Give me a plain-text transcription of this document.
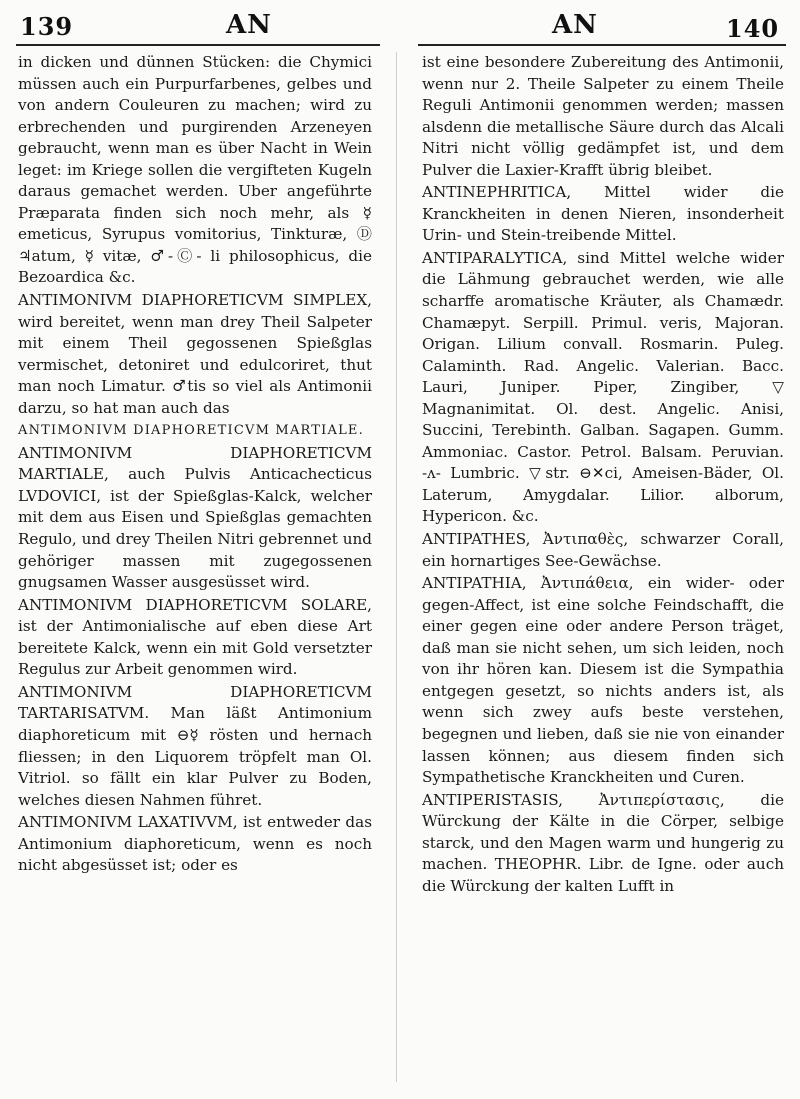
139	AN	AN	140

in dicken und dünnen Stücken: die Chymici müssen auch ein Purpurfarbenes, gelbes und von andern Couleuren zu machen; wird zu erbrechenden und purgirenden Arzeneyen gebraucht, wenn man es über Nacht in Wein leget: im Kriege sollen die vergifteten Kugeln daraus gemachet werden. Uber angeführte Præparata finden sich noch mehr, als ☿ emeticus, Syrupus vomitorius, Tinkturæ, Ⓓ ♃atum, ☿ vitæ, ♂-Ⓒ- li philosophicus, die Bezoardica &c.

ANTIMONIVM DIAPHORETICVM SIMPLEX, wird bereitet, wenn man drey Theil Salpeter mit einem Theil gegossenen Spießglas vermischet, detoniret und edulcoriret, thut man noch Limatur. ♂tis so viel als Antimonii darzu, so hat man auch das

ANTIMONIVM DIAPHORETICVM MARTIALE.

ANTIMONIVM DIAPHORETICVM MARTIALE, auch Pulvis Anticachecticus LVDOVICI, ist der Spießglas-Kalck, welcher mit dem aus Eisen und Spießglas gemachten Regulo, und drey Theilen Nitri gebrennet und gehöriger massen mit zugegossenen gnugsamen Wasser ausgesüsset wird.

ANTIMONIVM DIAPHORETICVM SOLARE, ist der Antimonialische auf eben diese Art bereitete Kalck, wenn ein mit Gold versetzter Regulus zur Arbeit genommen wird.

ANTIMONIVM DIAPHORETICVM TARTARISATVM. Man läßt Antimonium diaphoreticum mit ⊖☿ rösten und hernach fliessen; in den Liquorem tröpfelt man Ol. Vitriol. so fällt ein klar Pulver zu Boden, welches diesen Nahmen führet.

ANTIMONIVM LAXATIVVM, ist entweder das Antimonium diaphoreticum, wenn es noch nicht abgesüsset ist; oder es

ist eine besondere Zubereitung des Antimonii, wenn nur 2. Theile Salpeter zu einem Theile Reguli Antimonii genommen werden; massen alsdenn die metallische Säure durch das Alcali Nitri nicht völlig gedämpfet ist, und dem Pulver die Laxier-Krafft übrig bleibet.

ANTINEPHRITICA, Mittel wider die Kranckheiten in denen Nieren, insonderheit Urin- und Stein-treibende Mittel.

ANTIPARALYTICA, sind Mittel welche wider die Lähmung gebrauchet werden, wie alle scharffe aromatische Kräuter, als Chamædr. Chamæpyt. Serpill. Primul. veris, Majoran. Origan. Lilium convall. Rosmarin. Puleg. Calaminth. Rad. Angelic. Valerian. Bacc. Lauri, Juniper. Piper, Zingiber, ▽ Magnanimitat. Ol. dest. Angelic. Anisi, Succini, Terebinth. Galban. Sagapen. Gumm. Ammoniac. Castor. Petrol. Balsam. Peruvian. -ʌ- Lumbric. ▽str. ⊖✕ci, Ameisen-Bäder, Ol. Laterum, Amygdalar. Lilior. alborum, Hypericon. &c.

ANTIPATHES, Ἀντιπαθὲς, schwarzer Corall, ein hornartiges See-Gewächse.

ANTIPATHIA, Ἀντιπάθεια, ein wider- oder gegen-Affect, ist eine solche Feindschafft, die einer gegen eine oder andere Person träget, daß man sie nicht sehen, um sich leiden, noch von ihr hören kan. Diesem ist die Sympathia entgegen gesetzt, so nichts anders ist, als wenn sich zwey aufs beste verstehen, begegnen und lieben, daß sie nie von einander lassen können; aus diesem finden sich Sympathetische Kranckheiten und Curen.

ANTIPERISTASIS, Ἀντιπερίστασις, die Würckung der Kälte in die Cörper, selbige starck, und den Magen warm und hungerig zu machen. THEOPHR. Libr. de Igne. oder auch die Würckung der kalten Lufft in
